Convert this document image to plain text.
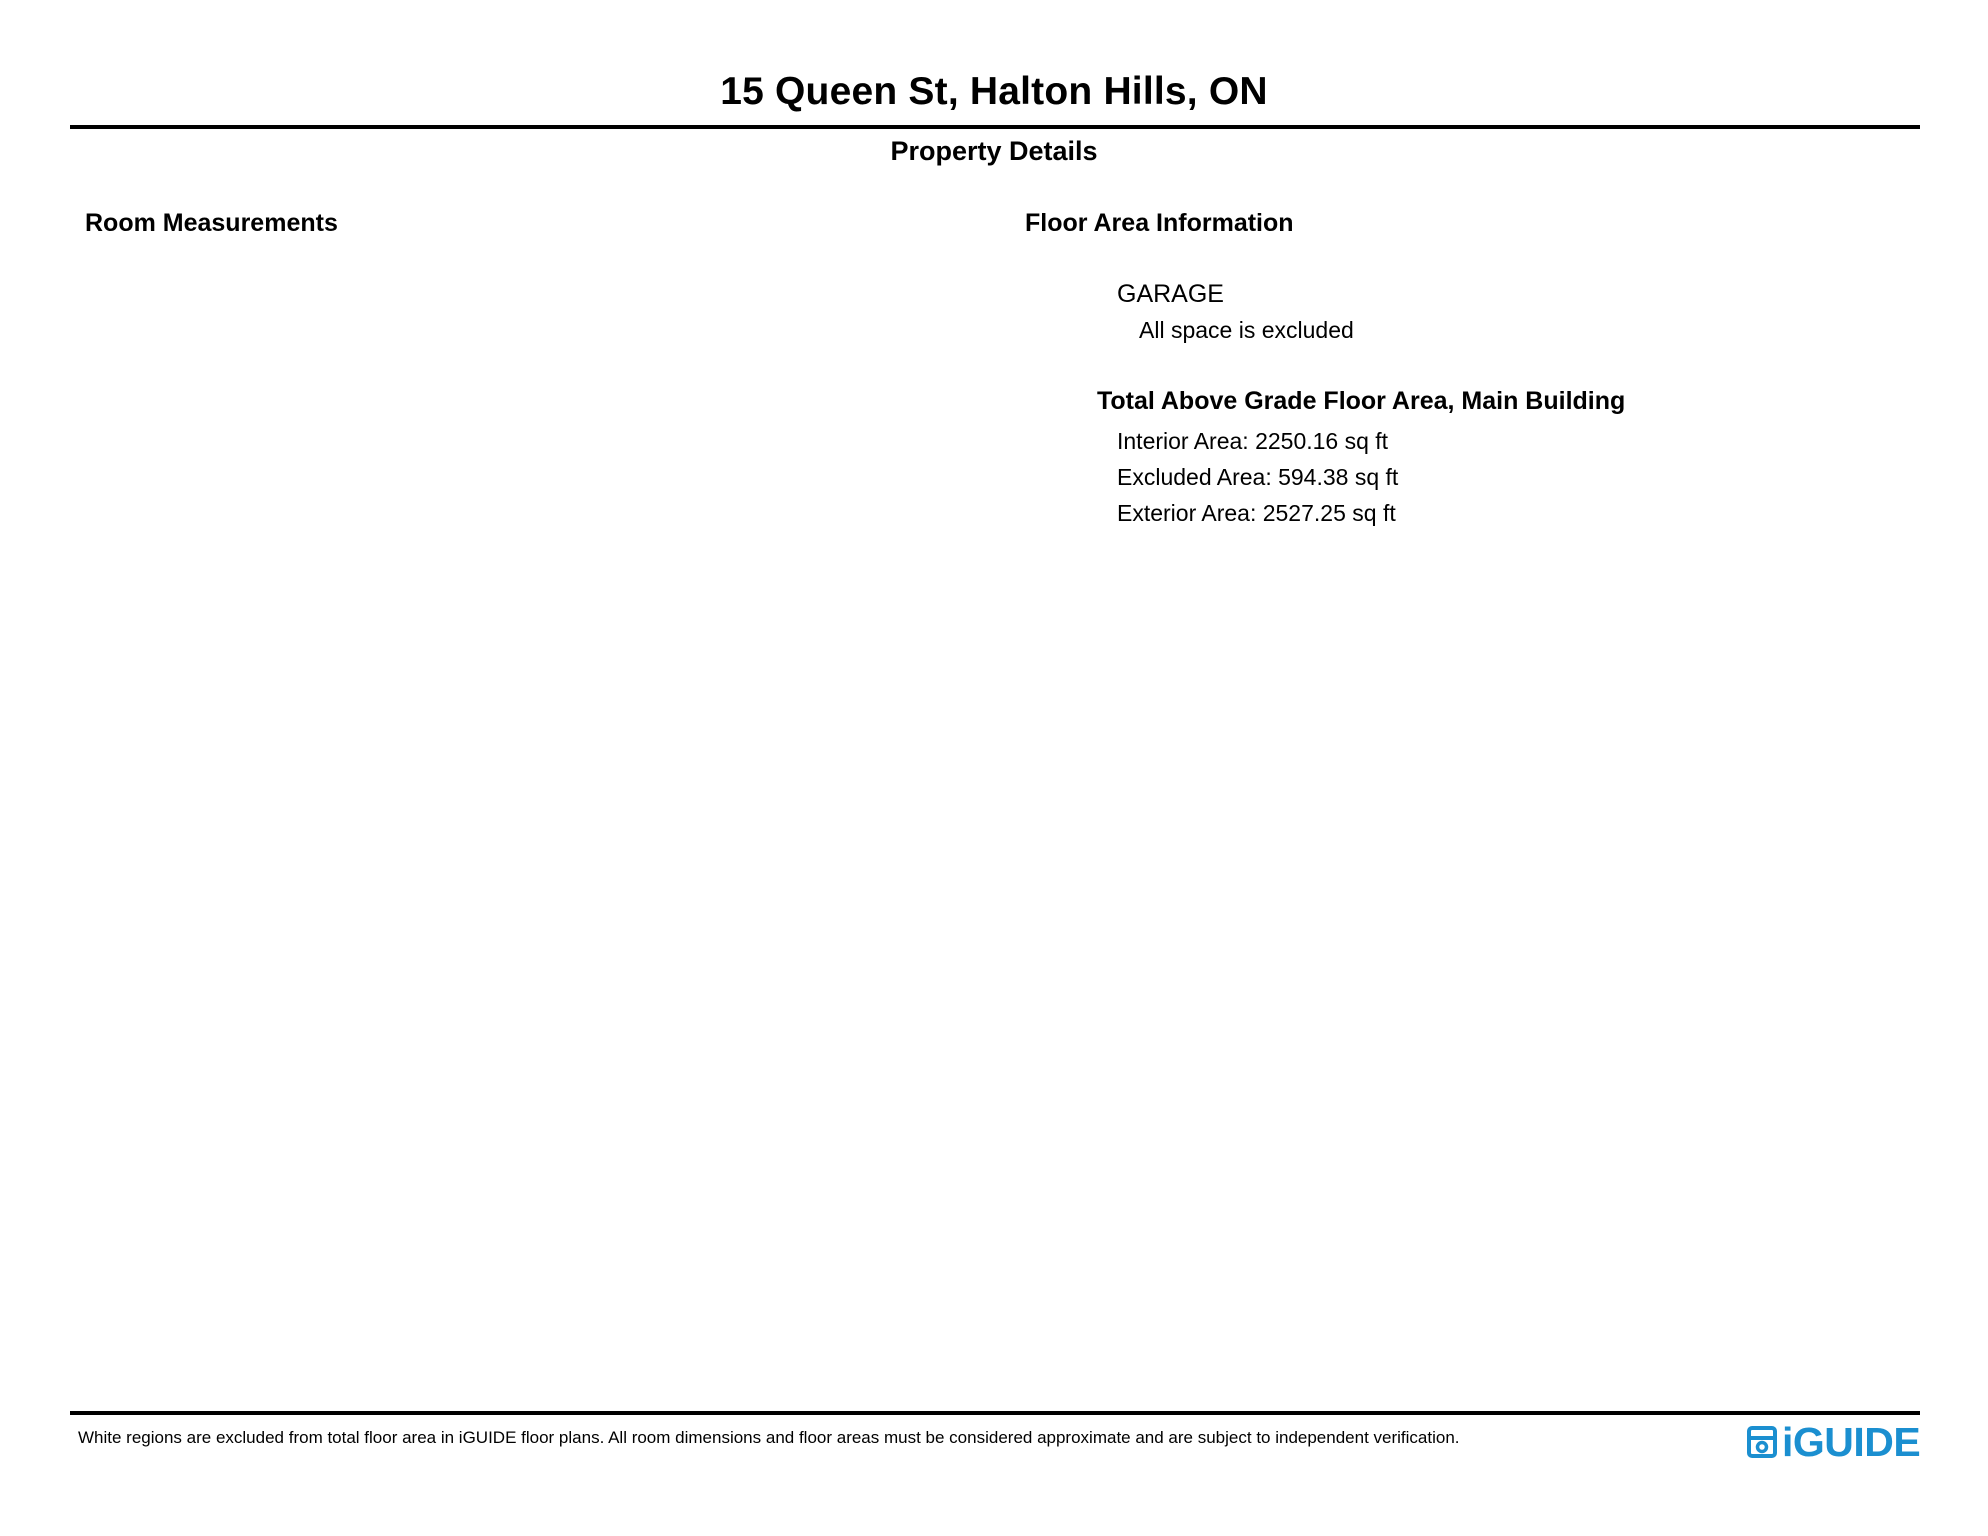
15 Queen St, Halton Hills, ON
Property Details
Room Measurements	Floor Area Information
GARAGE
All space is excluded
Total Above Grade Floor Area, Main Building
Interior Area: 2250.16 sq ft
Excluded Area: 594.38 sq ft
Exterior Area: 2527.25 sq ft
White regions are excluded from total floor area in iGUIDE floor plans. All room dimensions and floor areas must be considered approximate and are subject to independent verification.	iGUIDE
